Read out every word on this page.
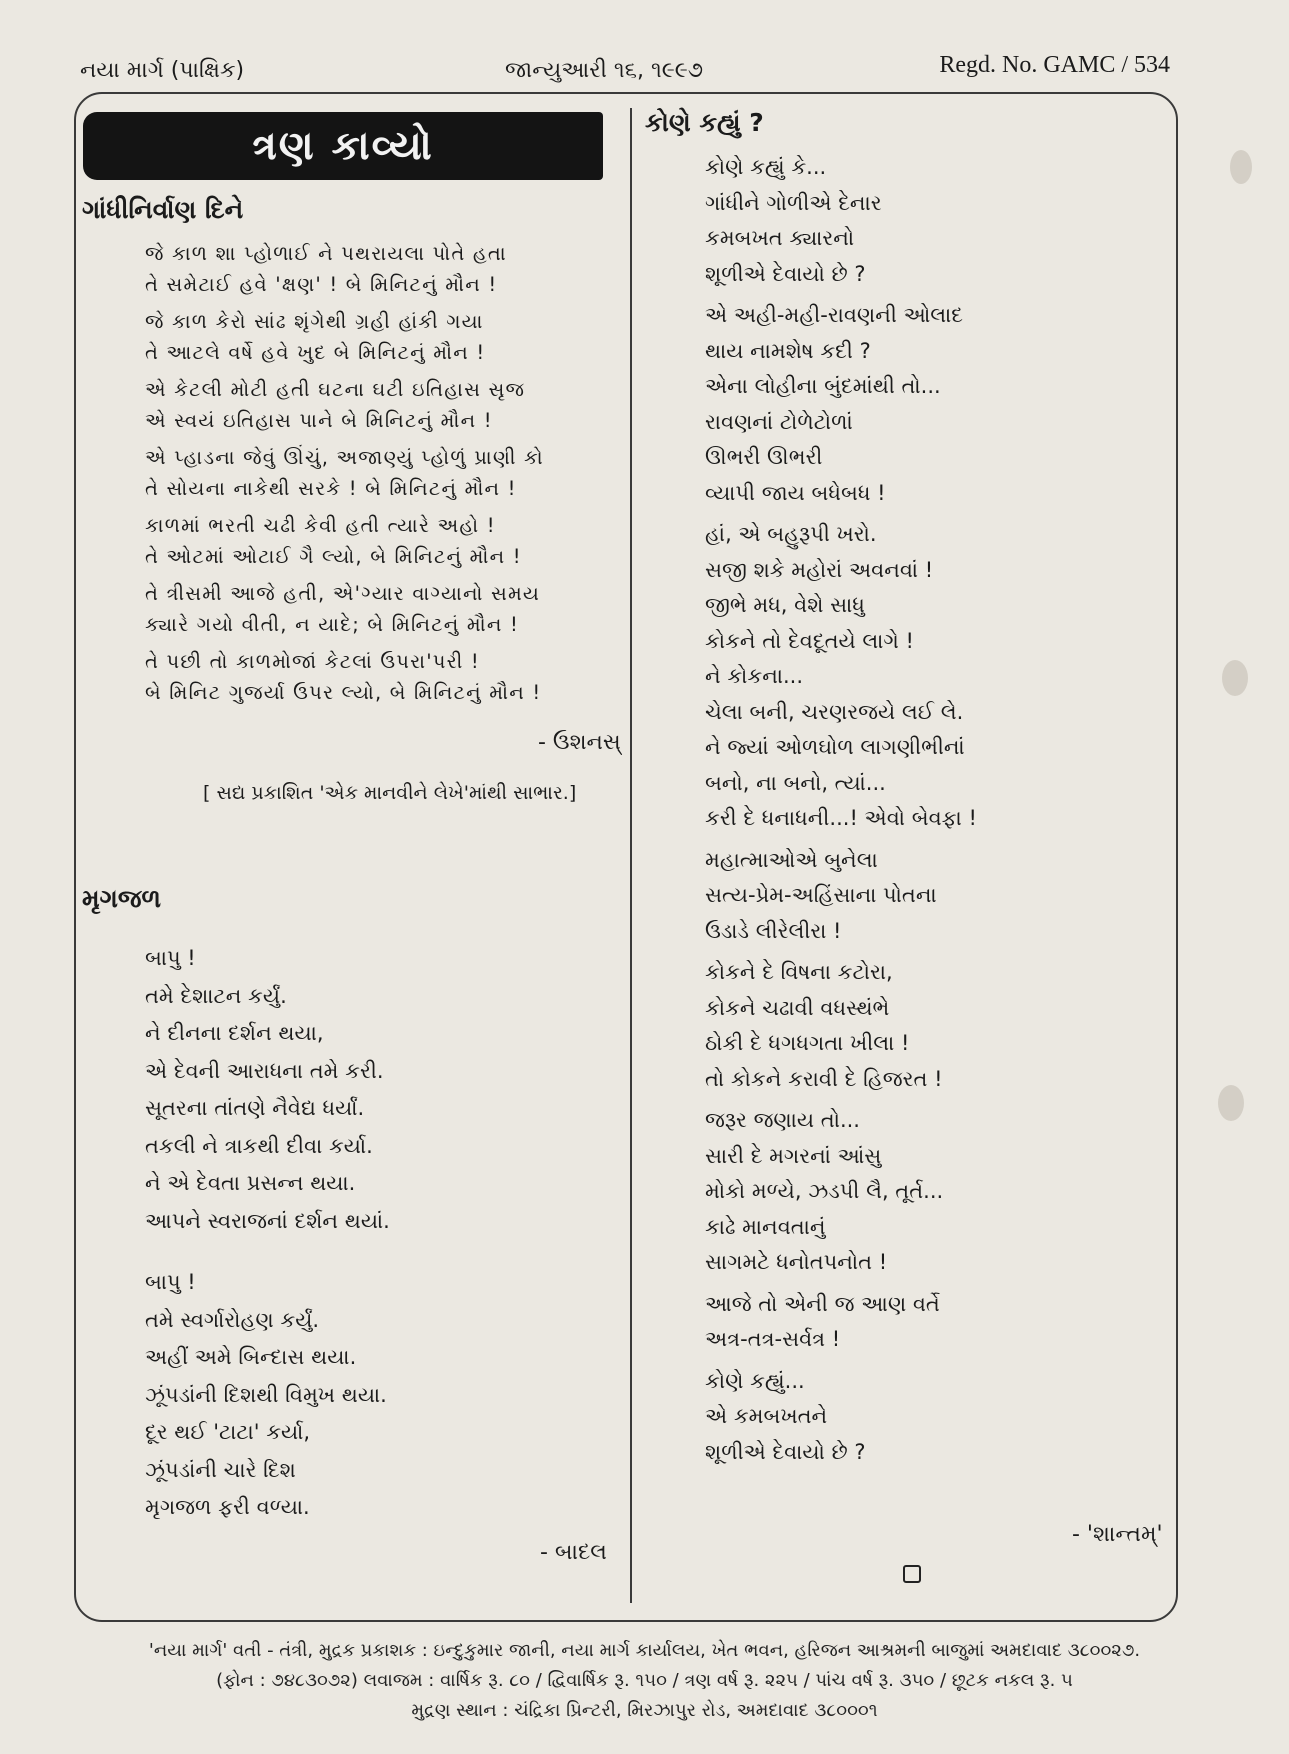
નયા માર્ગ (પાક્ષિક)	જાન્યુઆરી ૧૬, ૧૯૯૭	Regd. No. GAMC / 534
ત્રણ કાવ્યો
ગાંધીનિર્વાણ દિને
જે કાળ શા પ્હોળાઈ ને પથરાયલા પોતે હતા
તે સમેટાઈ હવે 'ક્ષણ' ! બે મિનિટનું મૌન !
જે કાળ કેરો સાંઢ શૃંગેથી ગ્રહી હાંકી ગયા
તે આટલે વર્ષે હવે ખુદ બે મિનિટનું મૌન !
એ કેટલી મોટી હતી ઘટના ઘટી ઇતિહાસ સૃજ
એ સ્વયં ઇતિહાસ પાને બે મિનિટનું મૌન !
એ પ્હાડના જેવું ઊંચું, અજાણ્યું પ્હોળું પ્રાણી કો
તે સોયના નાકેથી સરકે ! બે મિનિટનું મૌન !
કાળમાં ભરતી ચઢી કેવી હતી ત્યારે અહો !
તે ઓટમાં ઓટાઈ ગૈ લ્યો, બે મિનિટનું મૌન !
તે ત્રીસમી આજે હતી, એ'ગ્યાર વાગ્યાનો સમય
ક્યારે ગયો વીતી, ન યાદે; બે મિનિટનું મૌન !
તે પછી તો કાળમોજાં કેટલાં ઉપરા'પરી !
બે મિનિટ ગુજર્યા ઉપર લ્યો, બે મિનિટનું મૌન !
- ઉશનસ્
[ સદ્ય પ્રકાશિત 'એક માનવીને લેખે'માંથી સાભાર.]
મૃગજળ
બાપુ !
તમે દેશાટન કર્યું.
ને દીનના દર્શન થયા,
એ દેવની આરાધના તમે કરી.
સૂતરના તાંતણે નૈવેદ્ય ધર્યાં.
તકલી ને ત્રાકથી દીવા કર્યા.
ને એ દેવતા પ્રસન્ન થયા.
આપને સ્વરાજનાં દર્શન થયાં.
બાપુ !
તમે સ્વર્ગારોહણ કર્યું.
અહીં અમે બિન્દાસ થયા.
ઝૂંપડાંની દિશથી વિમુખ થયા.
દૂર થઈ 'ટાટા' કર્યા,
ઝૂંપડાંની ચારે દિશ
મૃગજળ ફરી વળ્યા.
- બાદલ
કોણે કહ્યું ?
કોણે કહ્યું કે...
ગાંધીને ગોળીએ દેનાર
કમબખત ક્યારનો
શૂળીએ દેવાયો છે ?
એ અહી-મહી-રાવણની ઓલાદ
થાય નામશેષ કદી ?
એના લોહીના બુંદમાંથી તો...
રાવણનાં ટોળેટોળાં
ઊભરી ઊભરી
વ્યાપી જાય બધેબધ !
હાં, એ બહુરૂપી ખરો.
સજી શકે મહોરાં અવનવાં !
જીભે મધ, વેશે સાધુ
કોકને તો દેવદૂતયે લાગે !
ને કોકના...
ચેલા બની, ચરણરજયે લઈ લે.
ને જ્યાં ઓળઘોળ લાગણીભીનાં
બનો, ના બનો, ત્યાં...
કરી દે ધનાધની...! એવો બેવફા !
મહાત્માઓએ બુનેલા
સત્ય-પ્રેમ-અહિંસાના પોતના
ઉડાડે લીરેલીરા !
કોકને દે વિષના કટોરા,
કોકને ચઢાવી વધસ્થંભે
ઠોકી દે ધગધગતા ખીલા !
તો કોકને કરાવી દે હિજરત !
જરૂર જણાય તો...
સારી દે મગરનાં આંસુ
મોકો મળ્યે, ઝડપી લૈ, તૂર્ત...
કાઢે માનવતાનું
સાગમટે ધનોતપનોત !
આજે તો એની જ આણ વર્તે
અત્ર-તત્ર-સર્વત્ર !
કોણે કહ્યું...
એ કમબખતને
શૂળીએ દેવાયો છે ?
- 'શાન્તમ્'
'નયા માર્ગ' વતી - તંત્રી, મુદ્રક પ્રકાશક : ઇન્દુકુમાર જાની, નયા માર્ગ કાર્યાલય, ખેત ભવન, હરિજન આશ્રમની બાજુમાં અમદાવાદ ૩૮૦૦૨૭.
(ફોન : ૭૪૮૩૦૭૨) લવાજમ : વાર્ષિક રૂ. ૮૦ / દ્વિવાર્ષિક રૂ. ૧૫૦ / ત્રણ વર્ષ રૂ. ૨૨૫ / પાંચ વર્ષ રૂ. ૩૫૦ / છૂટક નકલ રૂ. ૫
મુદ્રણ સ્થાન : ચંદ્રિકા પ્રિન્ટરી, મિરઝાપુર રોડ, અમદાવાદ ૩૮૦૦૦૧
